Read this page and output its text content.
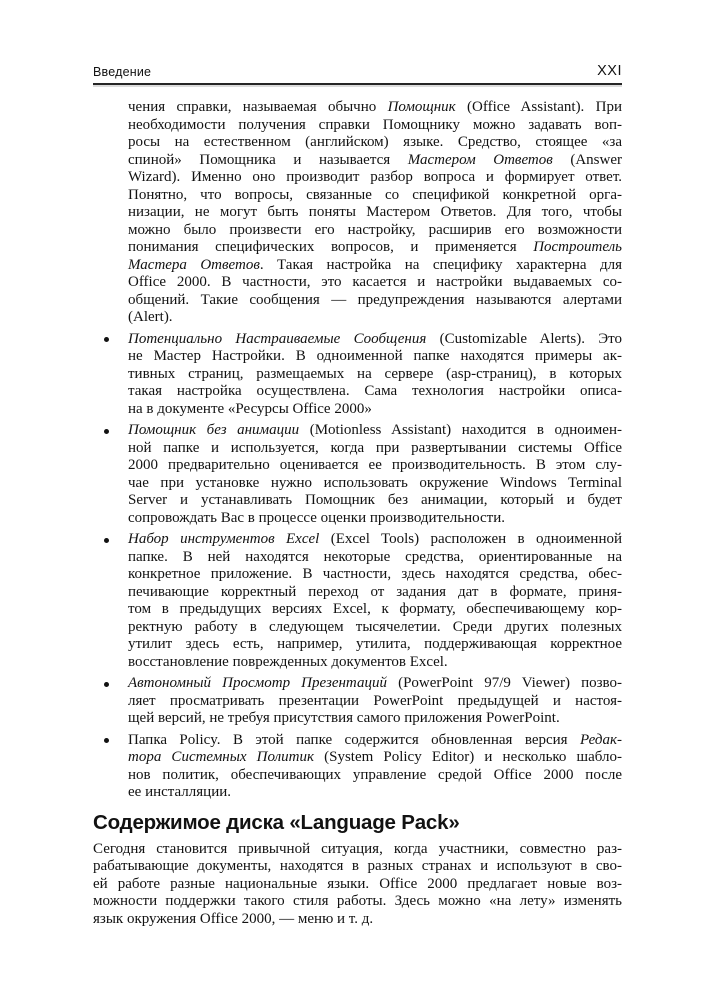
Введение	XXI
чения справки, называемая обычно Помощник (Office Assistant). При
необходимости получения справки Помощнику можно задавать воп-
росы на естественном (английском) языке. Средство, стоящее «за
спиной» Помощника и называется Мастером Ответов (Answer
Wizard). Именно оно производит разбор вопроса и формирует ответ.
Понятно, что вопросы, связанные со спецификой конкретной орга-
низации, не могут быть поняты Мастером Ответов. Для того, чтобы
можно было произвести его настройку, расширив его возможности
понимания специфических вопросов, и применяется Построитель
Мастера Ответов. Такая настройка на специфику характерна для
Office 2000. В частности, это касается и настройки выдаваемых со-
общений. Такие сообщения — предупреждения называются алертами
(Alert).
Потенциально Настраиваемые Сообщения (Customizable Alerts). Это
не Мастер Настройки. В одноименной папке находятся примеры ак-
тивных страниц, размещаемых на сервере (asp-страниц), в которых
такая настройка осуществлена. Сама технология настройки описа-
на в документе «Ресурсы Office 2000»
Помощник без анимации (Motionless Assistant) находится в одноимен-
ной папке и используется, когда при развертывании системы Office
2000 предварительно оценивается ее производительность. В этом слу-
чае при установке нужно использовать окружение Windows Terminal
Server и устанавливать Помощник без анимации, который и будет
сопровождать Вас в процессе оценки производительности.
Набор инструментов Excel (Excel Tools) расположен в одноименной
папке. В ней находятся некоторые средства, ориентированные на
конкретное приложение. В частности, здесь находятся средства, обес-
печивающие корректный переход от задания дат в формате, приня-
том в предыдущих версиях Excel, к формату, обеспечивающему кор-
ректную работу в следующем тысячелетии. Среди других полезных
утилит здесь есть, например, утилита, поддерживающая корректное
восстановление поврежденных документов Excel.
Автономный Просмотр Презентаций (PowerPoint 97/9 Viewer) позво-
ляет просматривать презентации PowerPoint предыдущей и настоя-
щей версий, не требуя присутствия самого приложения PowerPoint.
Папка Policy. В этой папке содержится обновленная версия Редак-
тора Системных Политик (System Policy Editor) и несколько шабло-
нов политик, обеспечивающих управление средой Office 2000 после
ее инсталляции.
Содержимое диска «Language Pack»
Сегодня становится привычной ситуация, когда участники, совместно раз-
рабатывающие документы, находятся в разных странах и используют в сво-
ей работе разные национальные языки. Office 2000 предлагает новые воз-
можности поддержки такого стиля работы. Здесь можно «на лету» изменять
язык окружения Office 2000, — меню и т. д.
